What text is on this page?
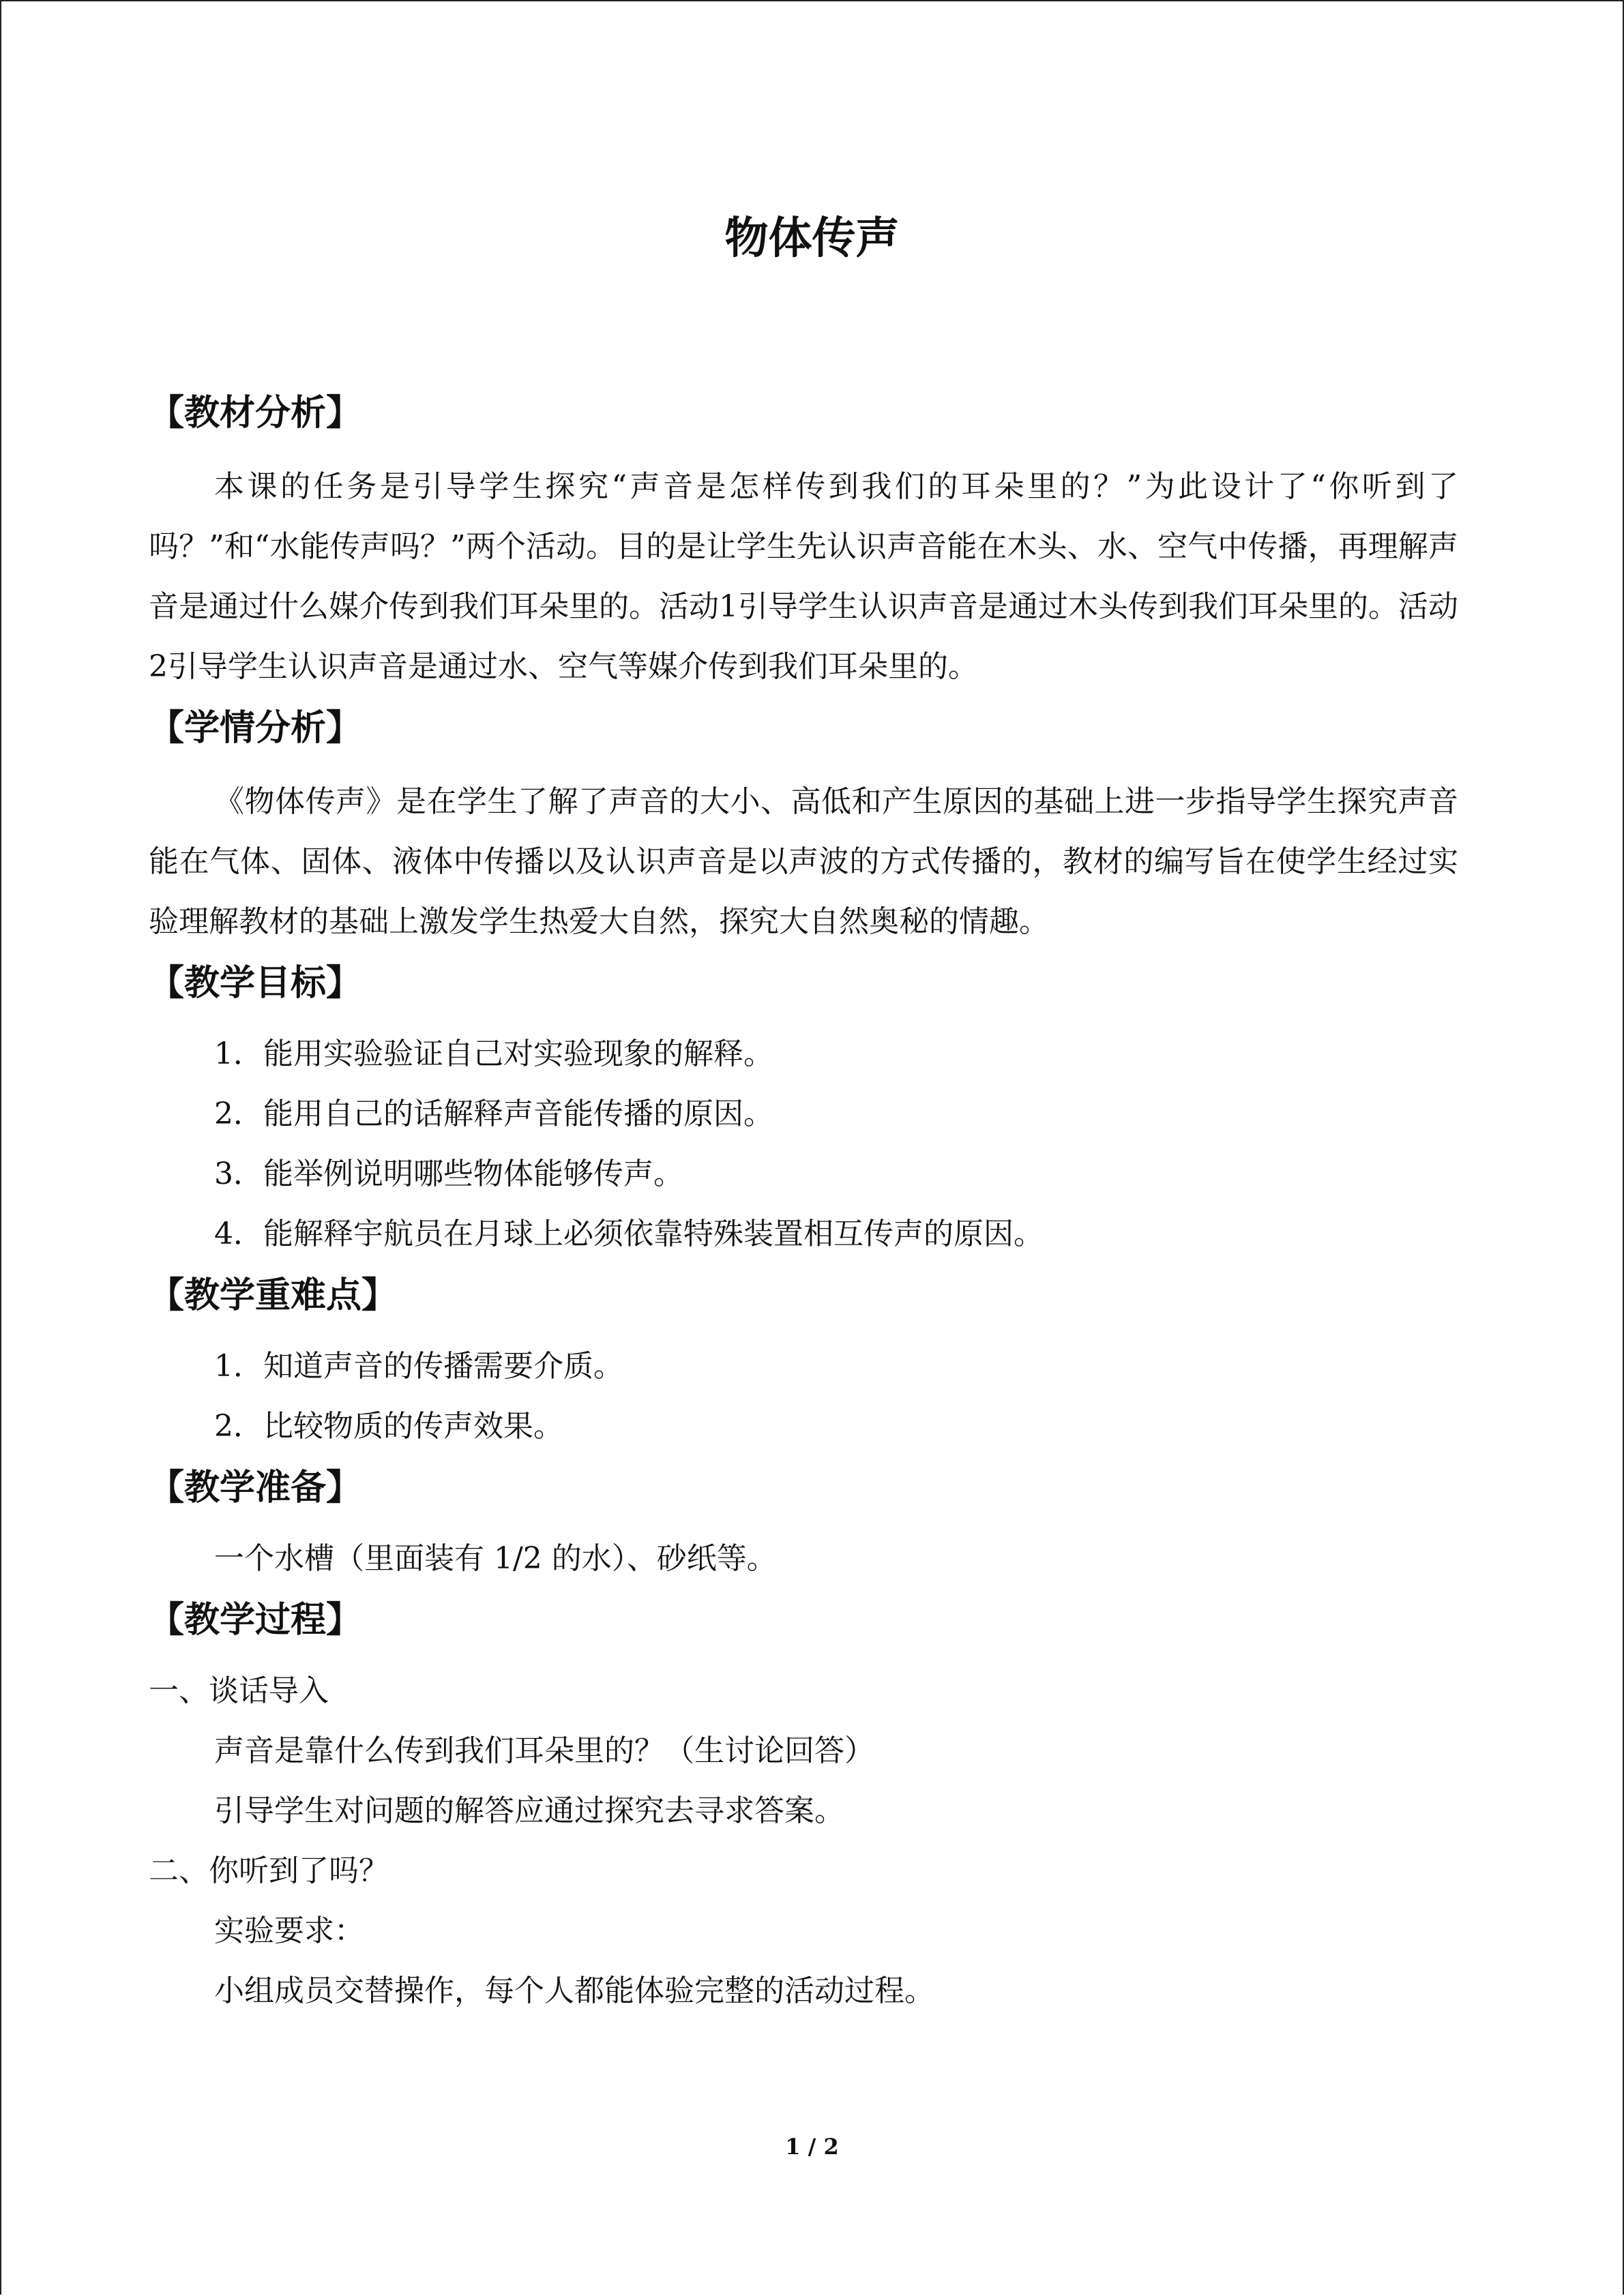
物体传声
【教材分析】

本课的任务是引导学生探究“声音是怎样传到我们的耳朵里的？”为此设计了“你听到了吗？”和“水能传声吗？”两个活动。目的是让学生先认识声音能在木头、水、空气中传播，再理解声音是通过什么媒介传到我们耳朵里的。活动1引导学生认识声音是通过木头传到我们耳朵里的。活动2引导学生认识声音是通过水、空气等媒介传到我们耳朵里的。

【学情分析】

《物体传声》是在学生了解了声音的大小、高低和产生原因的基础上进一步指导学生探究声音能在气体、固体、液体中传播以及认识声音是以声波的方式传播的，教材的编写旨在使学生经过实验理解教材的基础上激发学生热爱大自然，探究大自然奥秘的情趣。

【教学目标】
1．能用实验验证自己对实验现象的解释。
2．能用自己的话解释声音能传播的原因。
3．能举例说明哪些物体能够传声。
4．能解释宇航员在月球上必须依靠特殊装置相互传声的原因。
【教学重难点】
1．知道声音的传播需要介质。
2．比较物质的传声效果。
【教学准备】

一个水槽（里面装有 1/2 的水）、砂纸等。

【教学过程】

一、谈话导入

声音是靠什么传到我们耳朵里的？（生讨论回答）

引导学生对问题的解答应通过探究去寻求答案。

二、你听到了吗？

实验要求：

小组成员交替操作，每个人都能体验完整的活动过程。

1 / 2
